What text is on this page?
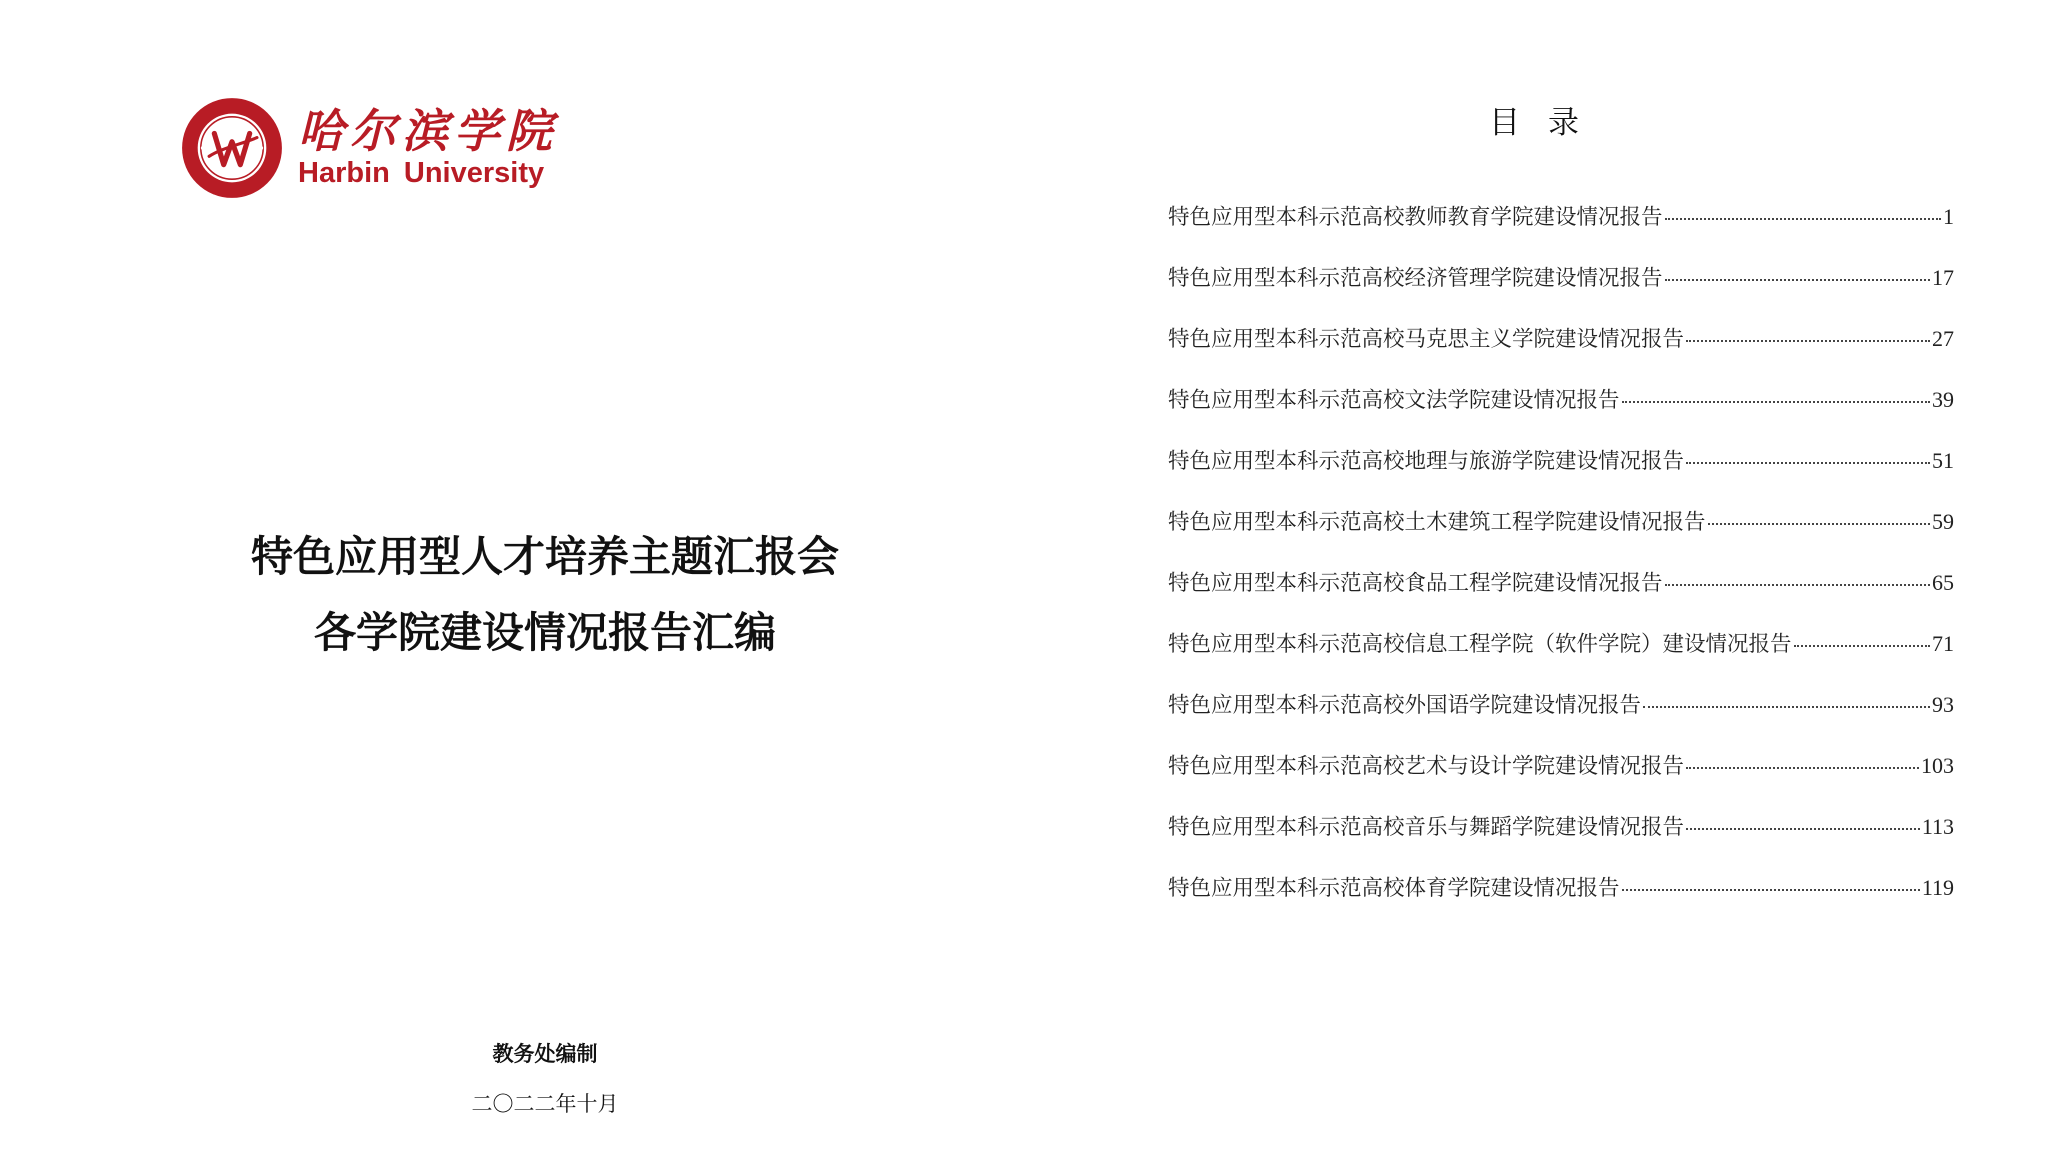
哈尔滨学院
Harbin University
特色应用型人才培养主题汇报会
各学院建设情况报告汇编
教务处编制
二〇二二年十月
目录
特色应用型本科示范高校教师教育学院建设情况报告	1
特色应用型本科示范高校经济管理学院建设情况报告	17
特色应用型本科示范高校马克思主义学院建设情况报告	27
特色应用型本科示范高校文法学院建设情况报告	39
特色应用型本科示范高校地理与旅游学院建设情况报告	51
特色应用型本科示范高校土木建筑工程学院建设情况报告	59
特色应用型本科示范高校食品工程学院建设情况报告	65
特色应用型本科示范高校信息工程学院（软件学院）建设情况报告	71
特色应用型本科示范高校外国语学院建设情况报告	93
特色应用型本科示范高校艺术与设计学院建设情况报告	103
特色应用型本科示范高校音乐与舞蹈学院建设情况报告	113
特色应用型本科示范高校体育学院建设情况报告	119
